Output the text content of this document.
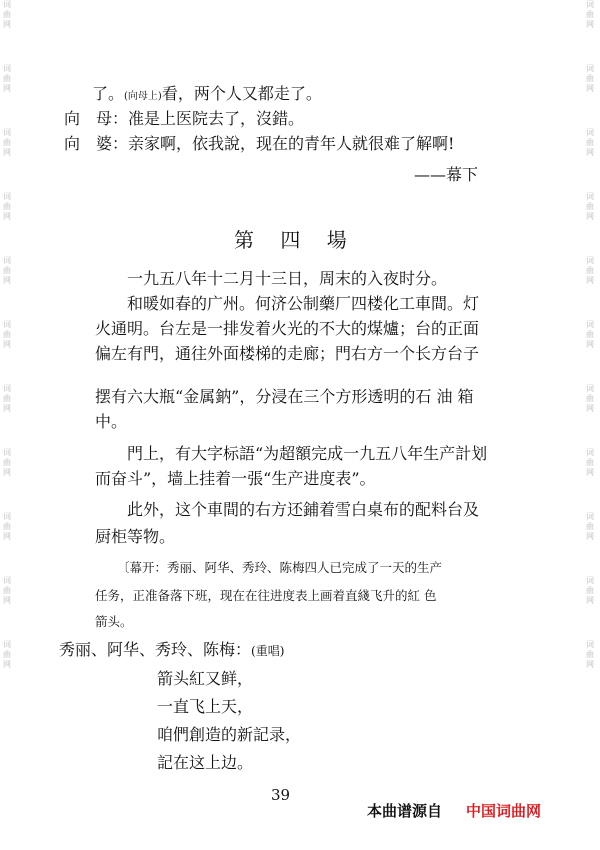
词
曲
网
词
曲
网
词
曲
网
词
曲
网
词
曲
网
词
曲
网
词
曲
网
词
曲
网
词
曲
网
词
曲
网
词
曲
网
词
曲
网
词
曲
网
词
曲
网
词
曲
网
词
曲
网
词
曲
网
词
曲
网
词
曲
网
词
曲
网
词
曲
网
词
曲
网
了。(向母上)看，两个人又都走了。
向　母：准是上医院去了，沒錯。
向　婆：亲家啊，依我說，现在的青年人就很难了解啊!
——幕下
第 四 場
一九五八年十二月十三日，周末的入夜时分。
和暖如春的广州。何济公制藥厂四楼化工車間。灯
火通明。台左是一排发着火光的不大的煤爐；台的正面
偏左有門，通往外面楼梯的走廊；門右方一个长方台子
摆有六大瓶“金属鈉”，分浸在三个方形透明的石 油 箱
中。
門上，有大字标語“为超額完成一九五八年生产計划
而奋斗”，墙上挂着一張“生产进度表”。
此外，这个車間的右方还鋪着雪白桌布的配料台及
厨柜等物。
〔幕开：秀丽、阿华、秀玲、陈梅四人已完成了一天的生产
任务，正准备落下班，现在在往进度表上画着直綫飞升的紅 色
箭头。
秀丽、阿华、秀玲、陈梅：(重唱)
箭头紅又鲜，
一直飞上天，
咱們創造的新記录，
記在这上边。
39
本曲谱源自 中国词曲网
